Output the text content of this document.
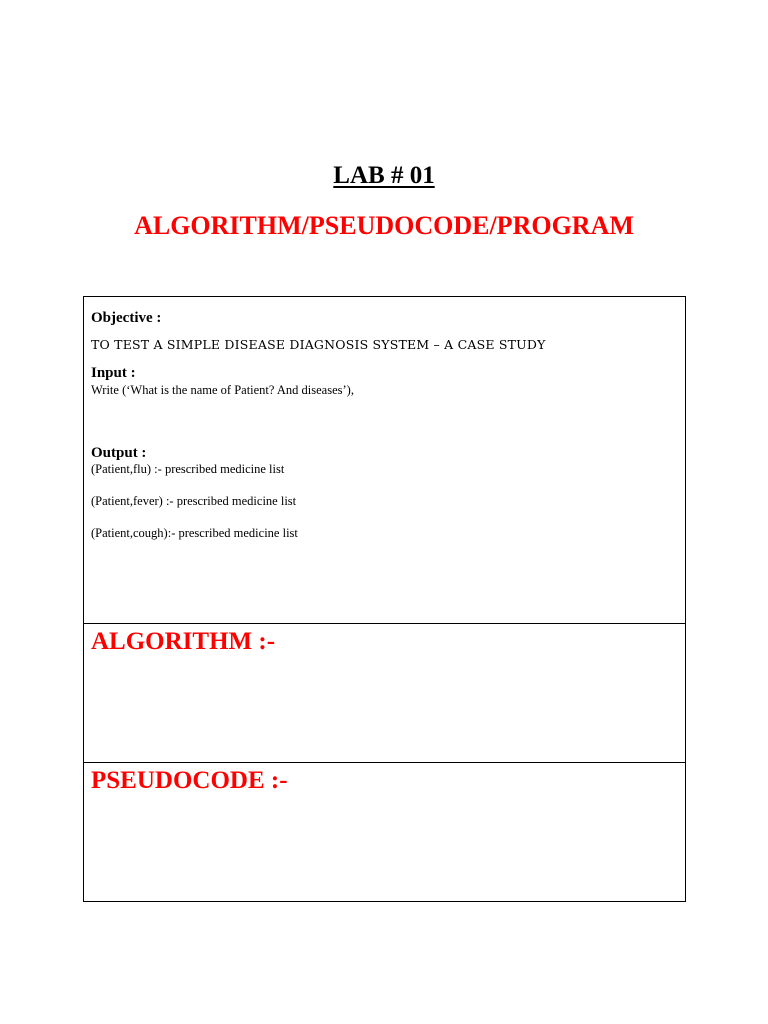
LAB # 01
ALGORITHM/PSEUDOCODE/PROGRAM
Objective :
TO TEST A SIMPLE DISEASE DIAGNOSIS SYSTEM – A CASE STUDY
Input :
Write (‘What is the name of Patient? And diseases’),
Output :
(Patient,flu) :- prescribed medicine list
(Patient,fever) :- prescribed medicine list
(Patient,cough):- prescribed medicine list
ALGORITHM :-
PSEUDOCODE :-
